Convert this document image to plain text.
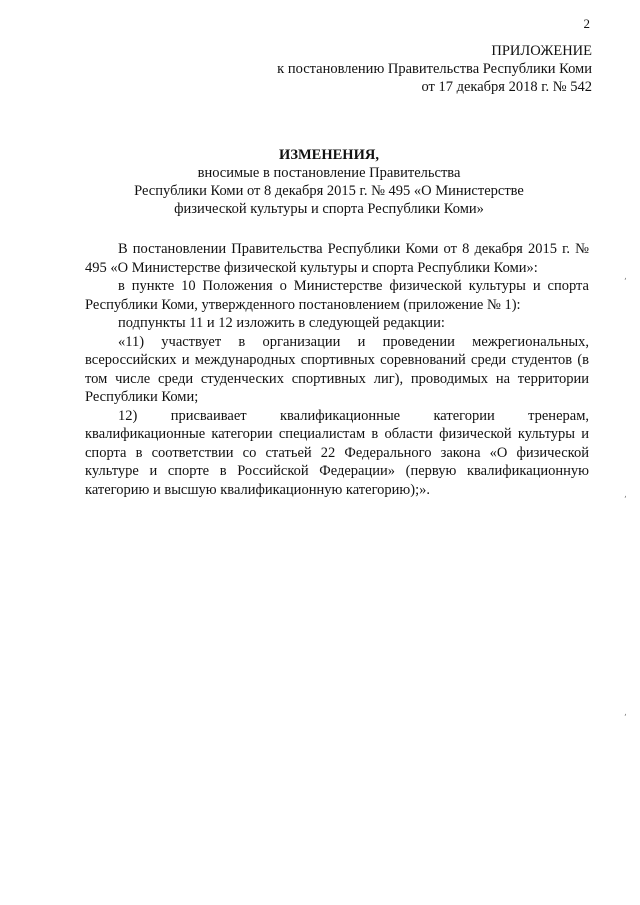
2
ПРИЛОЖЕНИЕ
к постановлению Правительства Республики Коми
от 17 декабря 2018 г. № 542
ИЗМЕНЕНИЯ,
вносимые в постановление Правительства
Республики Коми от 8 декабря 2015 г. № 495 «О Министерстве
физической культуры и спорта Республики Коми»

В постановлении Правительства Республики Коми от 8 декабря 2015 г. № 495 «О Министерстве физической культуры и спорта Республики Коми»:

в пункте 10 Положения о Министерстве физической культуры и спорта Республики Коми, утвержденного постановлением (приложение № 1):

подпункты 11 и 12 изложить в следующей редакции:

«11) участвует в организации и проведении межрегиональных, всероссийских и международных спортивных соревнований среди студентов (в том числе среди студенческих спортивных лиг), проводимых на территории Республики Коми;

12) присваивает квалификационные категории тренерам, квалификационные категории специалистам в области физической культуры и спорта в соответствии со статьей 22 Федерального закона «О физической культуре и спорте в Российской Федерации» (первую квалификационную категорию и высшую квалификационную категорию);».

,
,
,
